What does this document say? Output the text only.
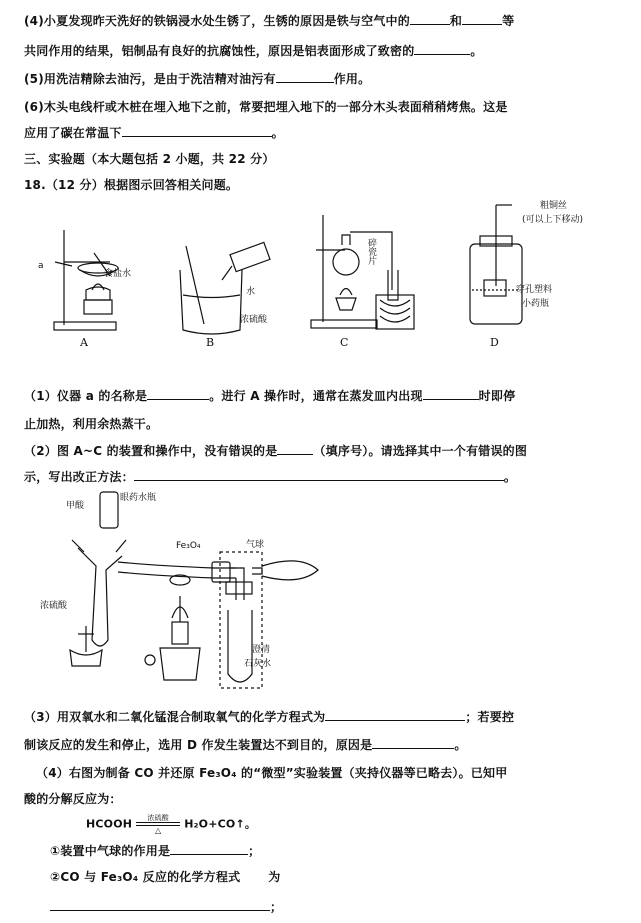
(4)小夏发现昨天洗好的铁锅浸水处生锈了，生锈的原因是铁与空气中的	和	等
共同作用的结果，铝制品有良好的抗腐蚀性，原因是铝表面形成了致密的	。
(5)用洗洁精除去油污，是由于洗洁精对油污有	作用。
(6)木头电线杆或木桩在埋入地下之前，常要把埋入地下的一部分木头表面稍稍烤焦。这是
应用了碳在常温下	。
三、实验题（本大题包括 2 小题，共 22 分）
18.（12 分）根据图示回答相关问题。
a
食盐水
水
浓硫酸
粗铜丝
(可以上下移动)
穿孔塑料
小药瓶
A	B	C	D
碎瓷片
（1）仪器 a 的名称是	。进行 A 操作时，通常在蒸发皿内出现	时即停
止加热，利用余热蒸干。
（2）图 A~C 的装置和操作中，没有错误的是	（填序号）。请选择其中一个有错误的图
示，写出改正方法：	。
甲酸
眼药水瓶
Fe₃O₄	气球
浓硫酸
澄清
石灰水
（3）用双氧水和二氧化锰混合制取氧气的化学方程式为	；若要控
制该反应的发生和停止，选用 D 作发生装置达不到目的，原因是	。
（4）右图为制备 CO 并还原 Fe₃O₄ 的“微型”实验装置（夹持仪器等已略去）。已知甲
酸的分解反应为：
HCOOH	浓硫酸
△	H₂O+CO↑。
①装置中气球的作用是	；
②CO 与 Fe₃O₄ 反应的化学方程式 为
；
